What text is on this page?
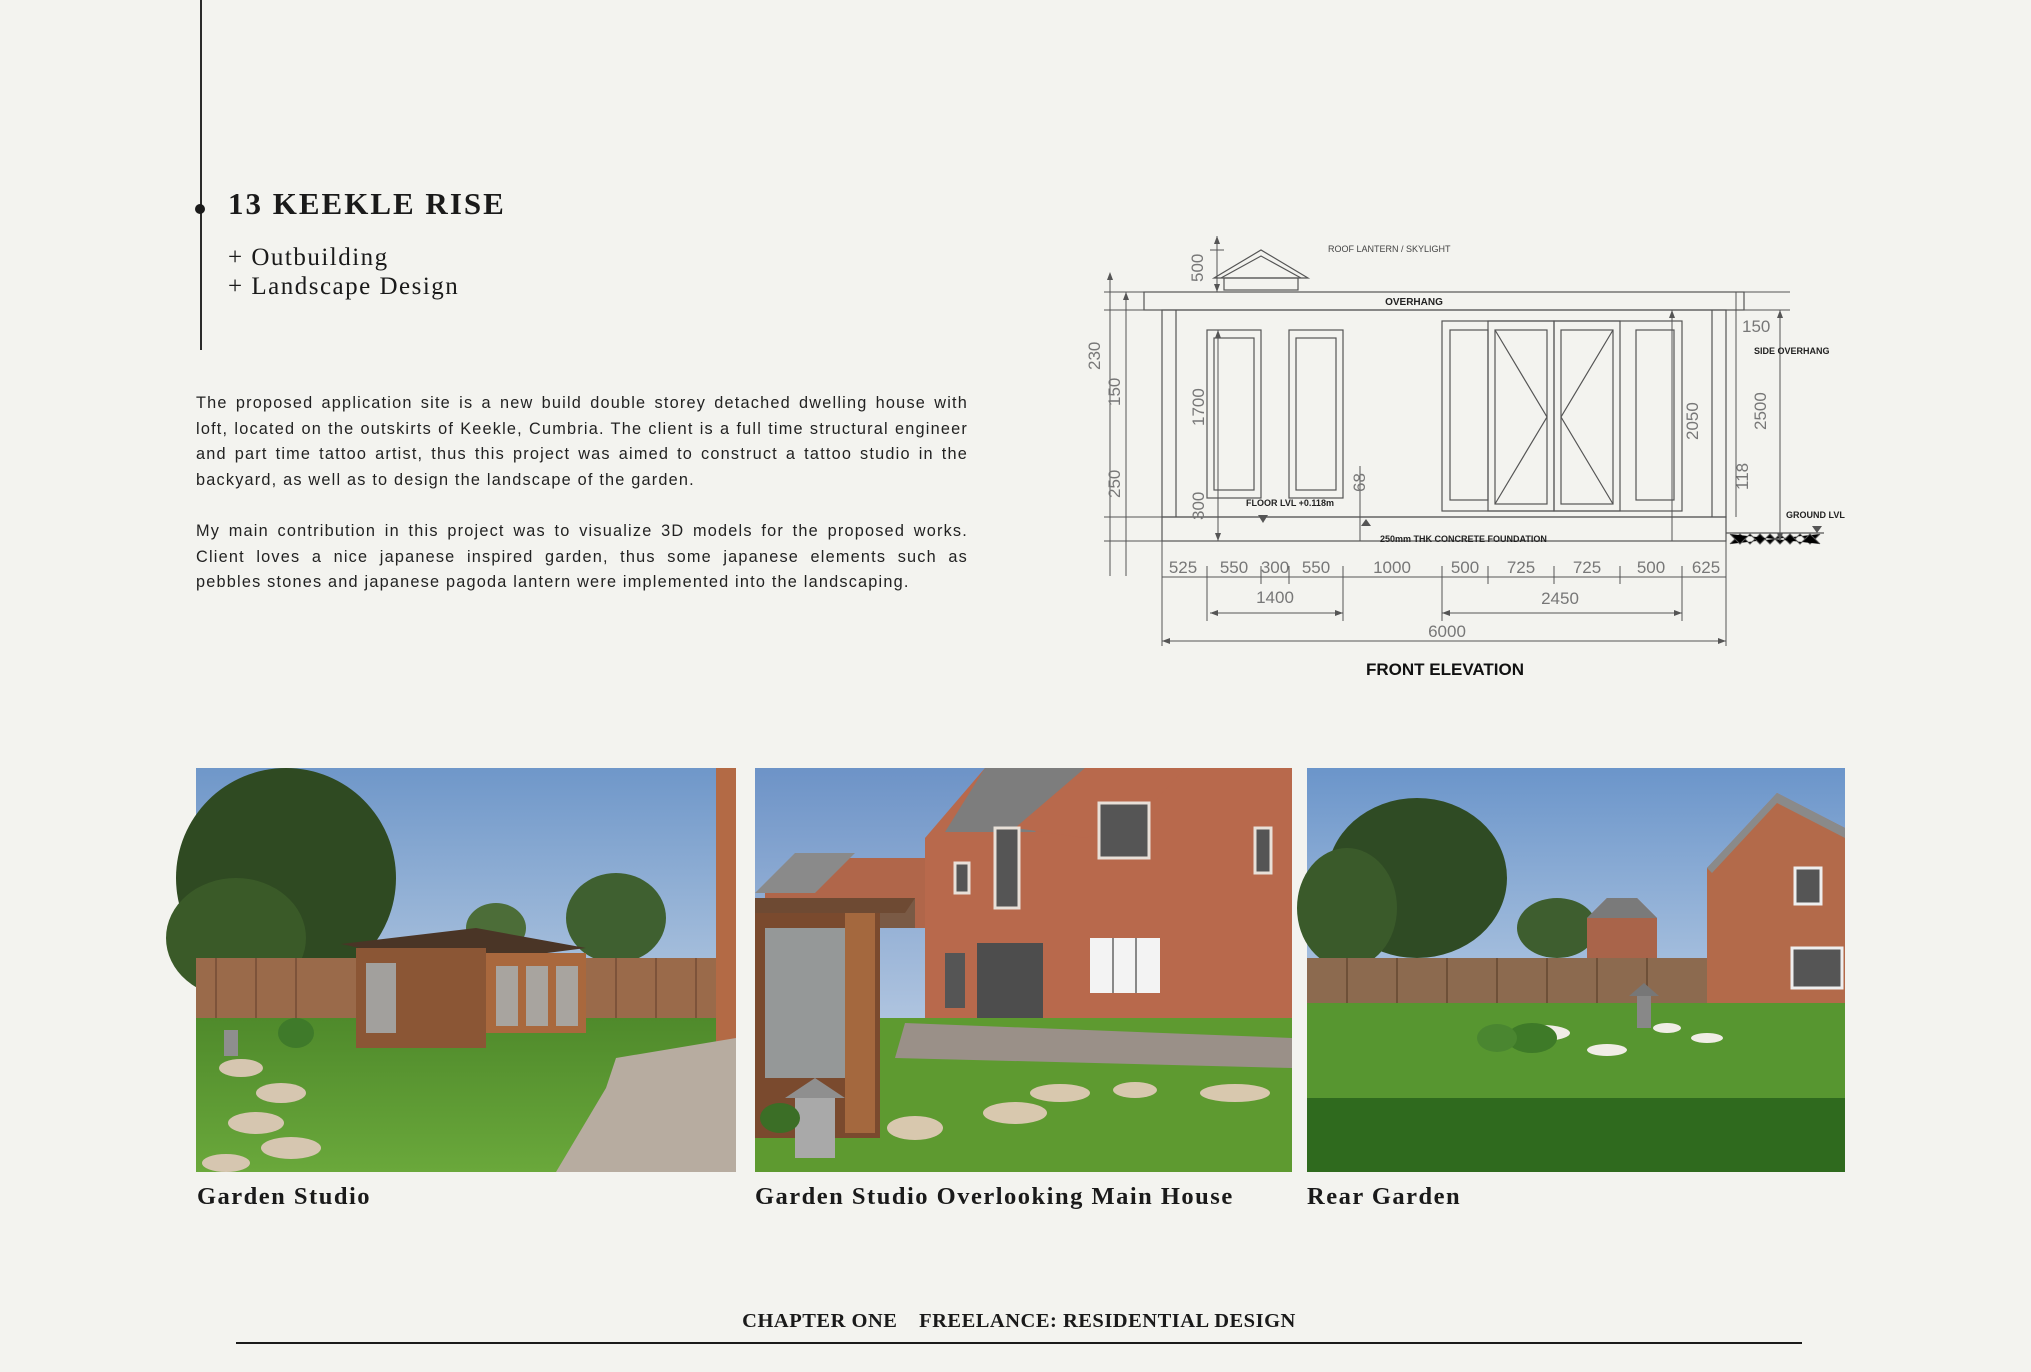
13 KEEKLE RISE
+ Outbuilding
+ Landscape Design

The proposed application site is a new build double storey detached dwelling house with loft, located on the outskirts of Keekle, Cumbria. The client is a full time structural engineer and part time tattoo artist, thus this project was aimed to construct a tattoo studio in the backyard, as well as to design the landscape of the garden.

My main contribution in this project was to visualize 3D models for the proposed works. Client loves a nice japanese inspired garden, thus some japanese elements such as pebbles stones and japanese pagoda lantern were implemented into the landscaping.

ROOF LANTERN / SKYLIGHT
OVERHANG
SIDE OVERHANG
FLOOR LVL +0.118m
250mm THK CONCRETE FOUNDATION
GROUND LVL
500
230
150
250
1700
300
68
2050	2500
118
150
525 550 300 550	1000 500 725 725 500 625
1400	2450
6000
FRONT ELEVATION
Garden Studio	Garden Studio Overlooking Main House	Rear Garden
CHAPTER ONE FREELANCE: RESIDENTIAL DESIGN
